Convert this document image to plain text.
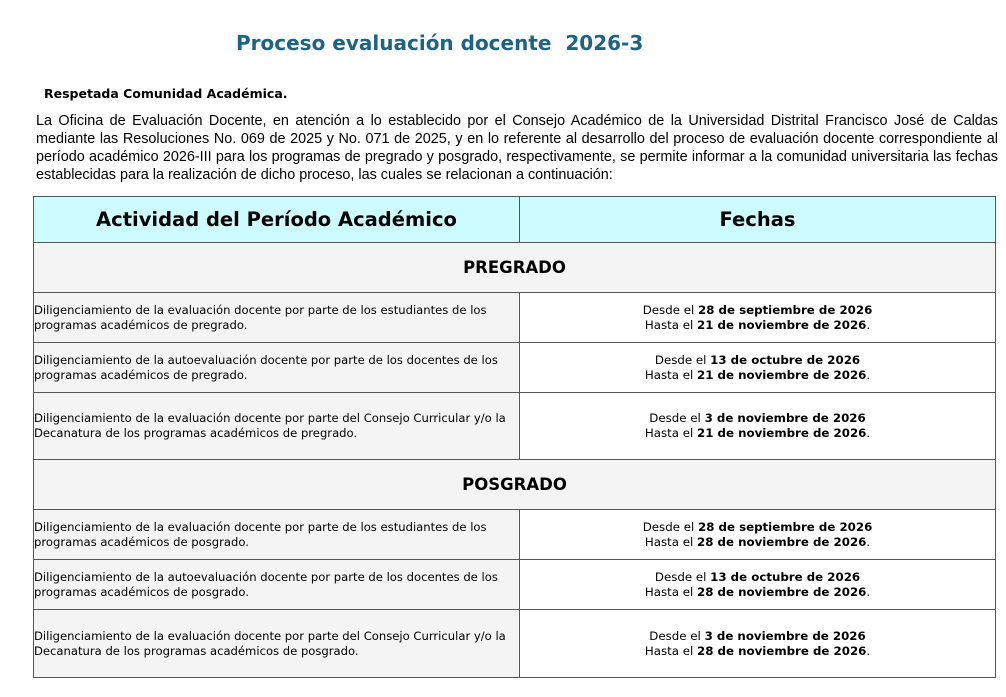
Proceso evaluación docente  2026-3
Respetada Comunidad Académica.
La Oficina de Evaluación Docente, en atención a lo establecido por el Consejo Académico de la Universidad Distrital Francisco José de Caldas mediante las Resoluciones No. 069 de 2025 y No. 071 de 2025, y en lo referente al desarrollo del proceso de evaluación docente correspondiente al período académico 2026-III para los programas de pregrado y posgrado, respectivamente, se permite informar a la comunidad universitaria las fechas establecidas para la realización de dicho proceso, las cuales se relacionan a continuación:
Actividad del Período Académico	Fechas
PREGRADO	
Diligenciamiento de la evaluación docente por parte de los estudiantes de los programas académicos de pregrado.	Desde el 28 de septiembre de 2026
Hasta el 21 de noviembre de 2026.
Diligenciamiento de la autoevaluación docente por parte de los docentes de los programas académicos de pregrado.	Desde el 13 de octubre de 2026
Hasta el 21 de noviembre de 2026.
Diligenciamiento de la evaluación docente por parte del Consejo Curricular y/o la Decanatura de los programas académicos de pregrado.	Desde el 3 de noviembre de 2026
Hasta el 21 de noviembre de 2026.
POSGRADO	
Diligenciamiento de la evaluación docente por parte de los estudiantes de los programas académicos de posgrado.	Desde el 28 de septiembre de 2026
Hasta el 28 de noviembre de 2026.
Diligenciamiento de la autoevaluación docente por parte de los docentes de los programas académicos de posgrado.	Desde el 13 de octubre de 2026
Hasta el 28 de noviembre de 2026.
Diligenciamiento de la evaluación docente por parte del Consejo Curricular y/o la Decanatura de los programas académicos de posgrado.	Desde el 3 de noviembre de 2026
Hasta el 28 de noviembre de 2026.
